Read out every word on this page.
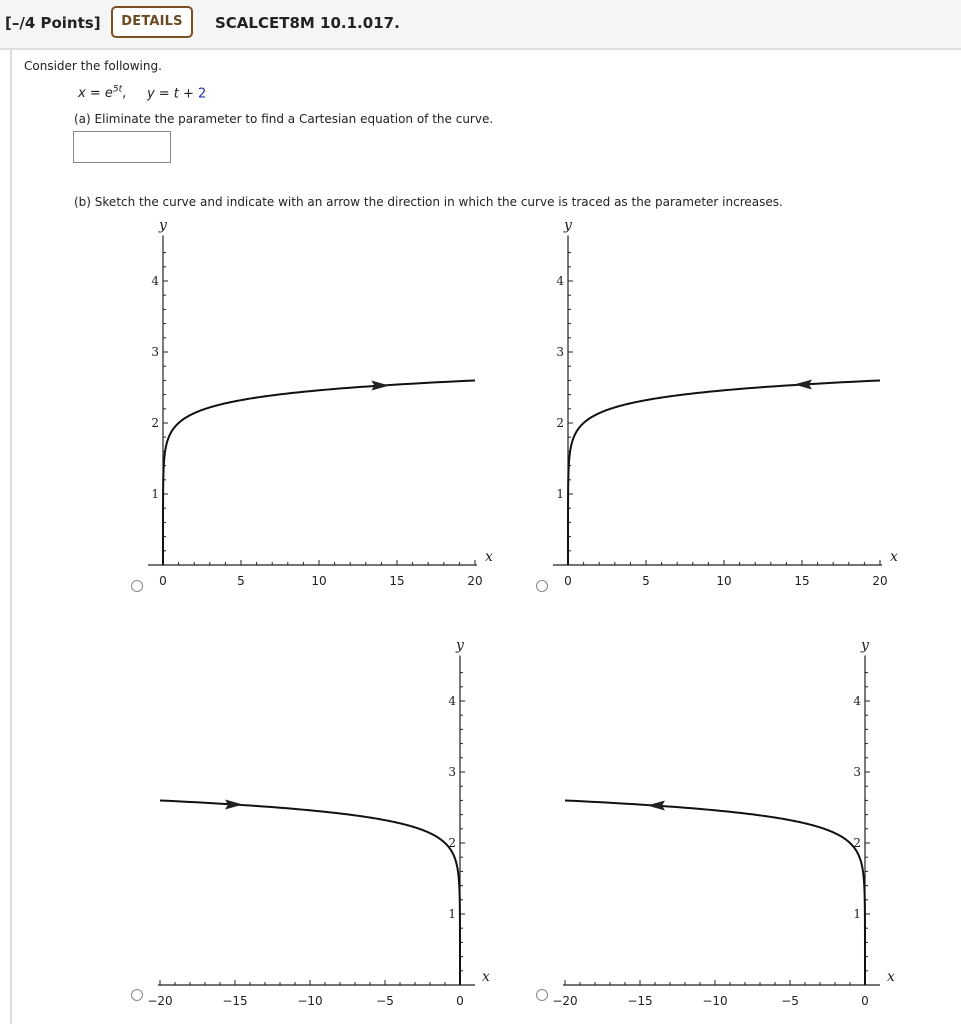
[–/4 Points]	DETAILS	SCALCET8M 10.1.017.
Consider the following.
$x = e^{5t}$, y = t + 2
(a) Eliminate the parameter to find a Cartesian equation of the curve.
(b) Sketch the curve and indicate with an arrow the direction in which the curve is traced as the parameter increases.
0	5	10	15	20
x
1
2
3
4
y
0	5	10	15	20
x
1
2
3
4
y
−20	−15	−10	−5	0
x
1
2
3
4
y
−20	−15	−10	−5	0
x
1
2
3
4
y
